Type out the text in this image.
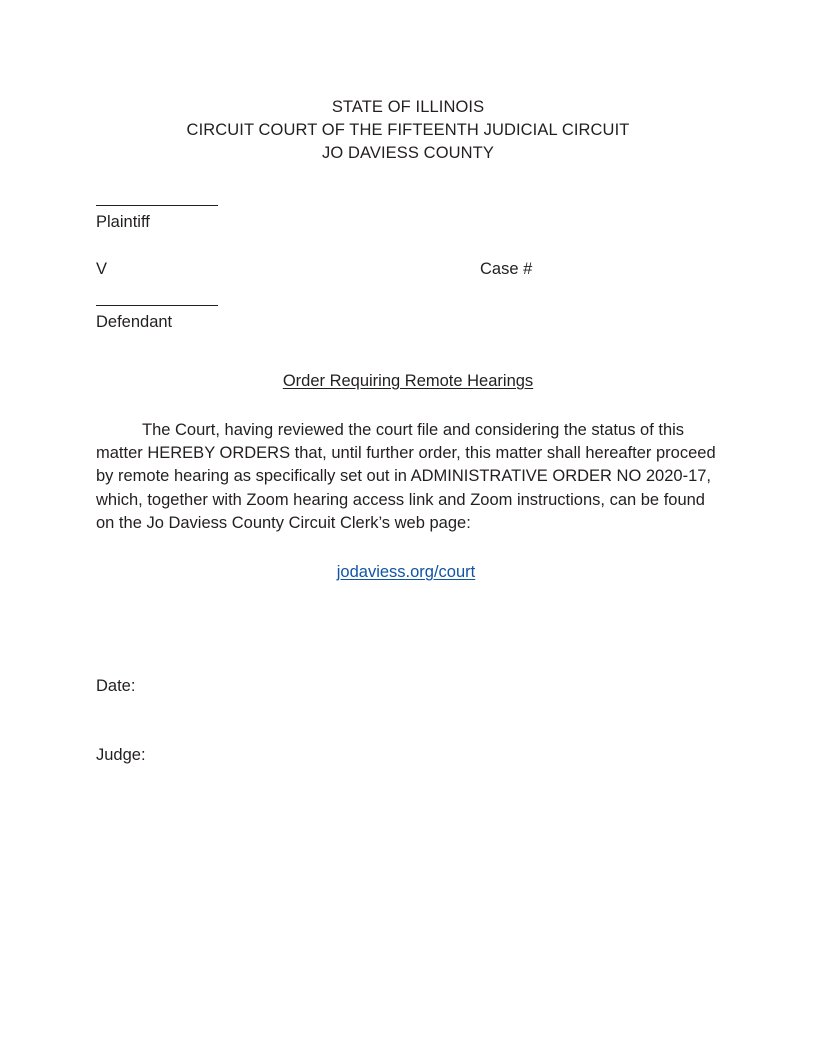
STATE OF ILLINOIS
CIRCUIT COURT OF THE FIFTEENTH JUDICIAL CIRCUIT
JO DAVIESS COUNTY
Plaintiff
V	Case #
Defendant
Order Requiring Remote Hearings
The Court, having reviewed the court file and considering the status of this matter HEREBY ORDERS that, until further order, this matter shall hereafter proceed by remote hearing as specifically set out in ADMINISTRATIVE ORDER NO 2020-17, which, together with Zoom hearing access link and Zoom instructions, can be found on the Jo Daviess County Circuit Clerk’s web page:
jodaviess.org/court
Date:
Judge:
